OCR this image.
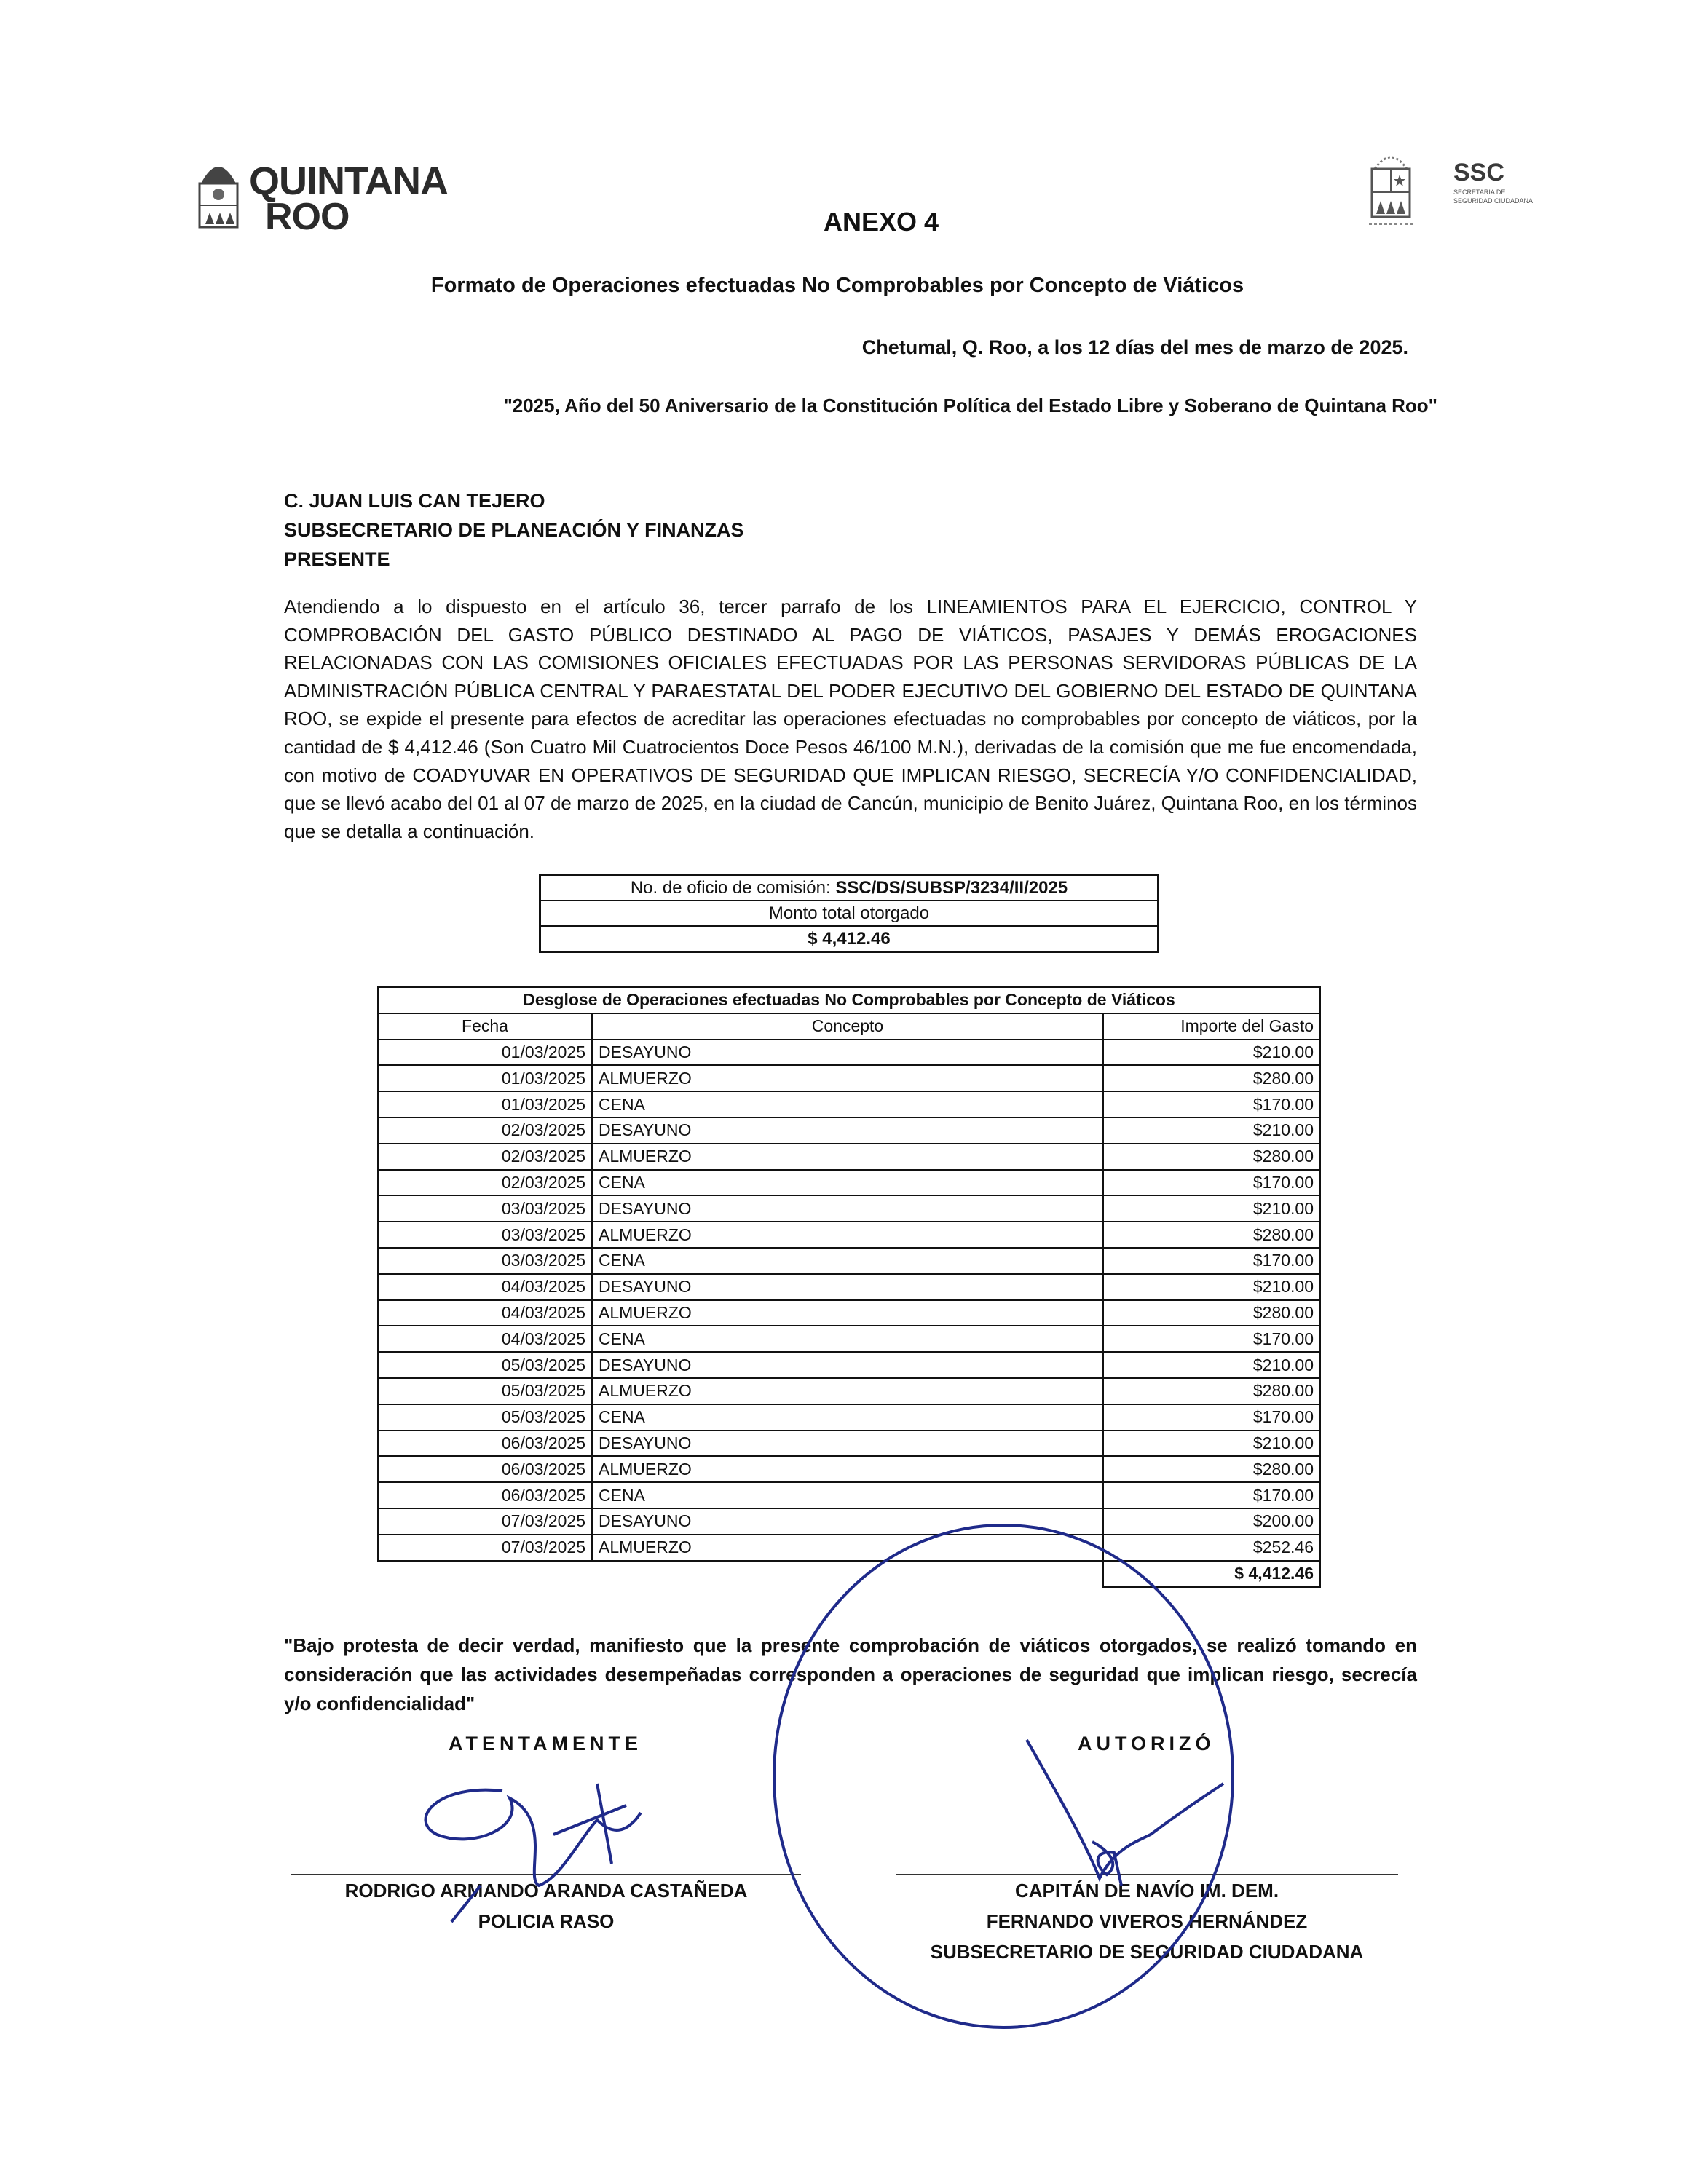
QUINTANA
ROO
SSC
SECRETARÍA DE SEGURIDAD CIUDADANA
ANEXO 4
Formato de Operaciones efectuadas No Comprobables por Concepto de Viáticos
Chetumal, Q. Roo, a los 12 días del mes de marzo de 2025.
"2025, Año del 50 Aniversario de la Constitución Política del Estado Libre y Soberano de Quintana Roo"
C. JUAN LUIS CAN TEJERO
SUBSECRETARIO DE PLANEACIÓN Y FINANZAS
PRESENTE
Atendiendo a lo dispuesto en el artículo 36, tercer parrafo de los LINEAMIENTOS PARA EL EJERCICIO, CONTROL Y COMPROBACIÓN DEL GASTO PÚBLICO DESTINADO AL PAGO DE VIÁTICOS, PASAJES Y DEMÁS EROGACIONES RELACIONADAS CON LAS COMISIONES OFICIALES EFECTUADAS POR LAS PERSONAS SERVIDORAS PÚBLICAS DE LA ADMINISTRACIÓN PÚBLICA CENTRAL Y PARAESTATAL DEL PODER EJECUTIVO DEL GOBIERNO DEL ESTADO DE QUINTANA ROO, se expide el presente para efectos de acreditar las operaciones efectuadas no comprobables por concepto de viáticos, por la cantidad de $ 4,412.46 (Son Cuatro Mil Cuatrocientos Doce Pesos 46/100 M.N.), derivadas de la comisión que me fue encomendada, con motivo de COADYUVAR EN OPERATIVOS DE SEGURIDAD QUE IMPLICAN RIESGO, SECRECÍA Y/O CONFIDENCIALIDAD, que se llevó acabo del 01 al 07 de marzo de 2025, en la ciudad de Cancún, municipio de Benito Juárez, Quintana Roo, en los términos que se detalla a continuación.
No. de oficio de comisión: SSC/DS/SUBSP/3234/II/2025
Monto total otorgado
$ 4,412.46
Desglose de Operaciones efectuadas No Comprobables por Concepto de Viáticos		
Fecha	Concepto	Importe del Gasto
01/03/2025	DESAYUNO	$210.00
01/03/2025	ALMUERZO	$280.00
01/03/2025	CENA	$170.00
02/03/2025	DESAYUNO	$210.00
02/03/2025	ALMUERZO	$280.00
02/03/2025	CENA	$170.00
03/03/2025	DESAYUNO	$210.00
03/03/2025	ALMUERZO	$280.00
03/03/2025	CENA	$170.00
04/03/2025	DESAYUNO	$210.00
04/03/2025	ALMUERZO	$280.00
04/03/2025	CENA	$170.00
05/03/2025	DESAYUNO	$210.00
05/03/2025	ALMUERZO	$280.00
05/03/2025	CENA	$170.00
06/03/2025	DESAYUNO	$210.00
06/03/2025	ALMUERZO	$280.00
06/03/2025	CENA	$170.00
07/03/2025	DESAYUNO	$200.00
07/03/2025	ALMUERZO	$252.46
		$ 4,412.46
"Bajo protesta de decir verdad, manifiesto que la presente comprobación de viáticos otorgados, se realizó tomando en consideración que las actividades desempeñadas corresponden a operaciones de seguridad que implican riesgo, secrecía y/o confidencialidad"
ATENTAMENTE
RODRIGO ARMANDO ARANDA CASTAÑEDA
POLICIA RASO
AUTORIZÓ
CAPITÁN DE NAVÍO IM. DEM.
FERNANDO VIVEROS HERNÁNDEZ
SUBSECRETARIO DE SEGURIDAD CIUDADANA
